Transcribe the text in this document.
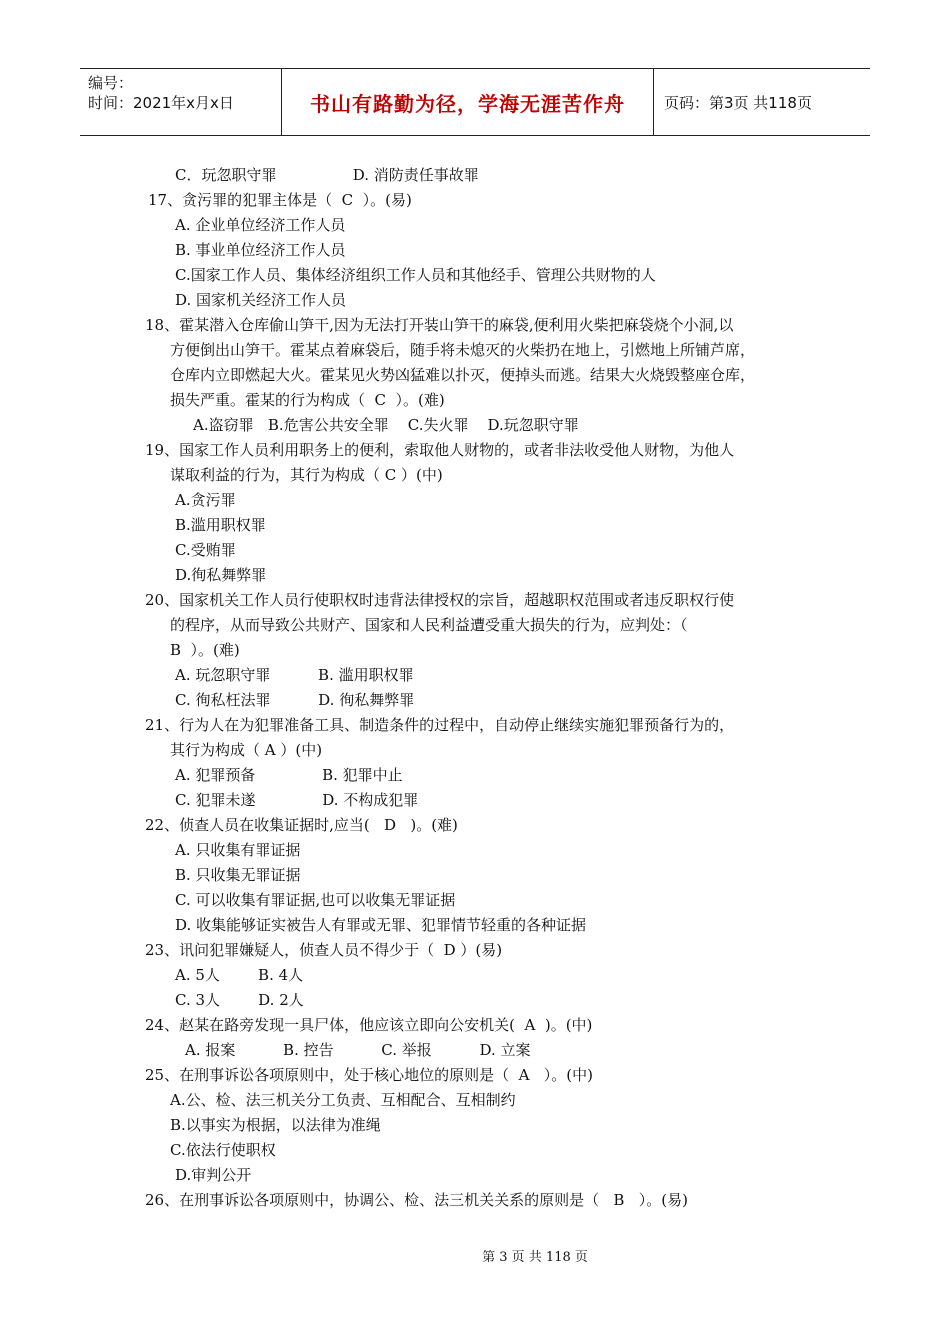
编号：
时间：2021年x月x日	书山有路勤为径，学海无涯苦作舟	页码：第3页 共118页
C．玩忽职守罪                D. 消防责任事故罪
17、贪污罪的犯罪主体是（  C  ）。(易)
A. 企业单位经济工作人员
B. 事业单位经济工作人员
C.国家工作人员、集体经济组织工作人员和其他经手、管理公共财物的人
D. 国家机关经济工作人员
18、霍某潜入仓库偷山笋干,因为无法打开装山笋干的麻袋,便利用火柴把麻袋烧个小洞,以
方便倒出山笋干。霍某点着麻袋后，随手将未熄灭的火柴扔在地上，引燃地上所铺芦席，
仓库内立即燃起大火。霍某见火势凶猛难以扑灭，便掉头而逃。结果大火烧毁整座仓库，
损失严重。霍某的行为构成（  C  ）。(难)
A.盗窃罪   B.危害公共安全罪    C.失火罪    D.玩忽职守罪
19、国家工作人员利用职务上的便利，索取他人财物的，或者非法收受他人财物，为他人
谋取利益的行为，其行为构成（ C ）(中)
A.贪污罪
B.滥用职权罪
C.受贿罪
D.徇私舞弊罪
20、国家机关工作人员行使职权时违背法律授权的宗旨，超越职权范围或者违反职权行使
的程序，从而导致公共财产、国家和人民利益遭受重大损失的行为，应判处：（
B  ）。(难)
A. 玩忽职守罪          B. 滥用职权罪
C. 徇私枉法罪          D. 徇私舞弊罪
21、行为人在为犯罪准备工具、制造条件的过程中，自动停止继续实施犯罪预备行为的，
其行为构成（ A ）(中)
A. 犯罪预备              B. 犯罪中止
C. 犯罪未遂              D. 不构成犯罪
22、侦查人员在收集证据时,应当(   D   )。(难)
A. 只收集有罪证据
B. 只收集无罪证据
C. 可以收集有罪证据,也可以收集无罪证据
D. 收集能够证实被告人有罪或无罪、犯罪情节轻重的各种证据
23、讯问犯罪嫌疑人，侦查人员不得少于（  D ）(易)
A. 5人        B. 4人
C. 3人        D. 2人
24、赵某在路旁发现一具尸体，他应该立即向公安机关(  A  )。(中)
A. 报案          B. 控告          C. 举报          D. 立案
25、在刑事诉讼各项原则中，处于核心地位的原则是（  A   ）。(中)
A.公、检、法三机关分工负责、互相配合、互相制约
B.以事实为根据，以法律为准绳
C.依法行使职权
D.审判公开
26、在刑事诉讼各项原则中，协调公、检、法三机关关系的原则是（   B   ）。(易)
第 3 页 共 118 页
